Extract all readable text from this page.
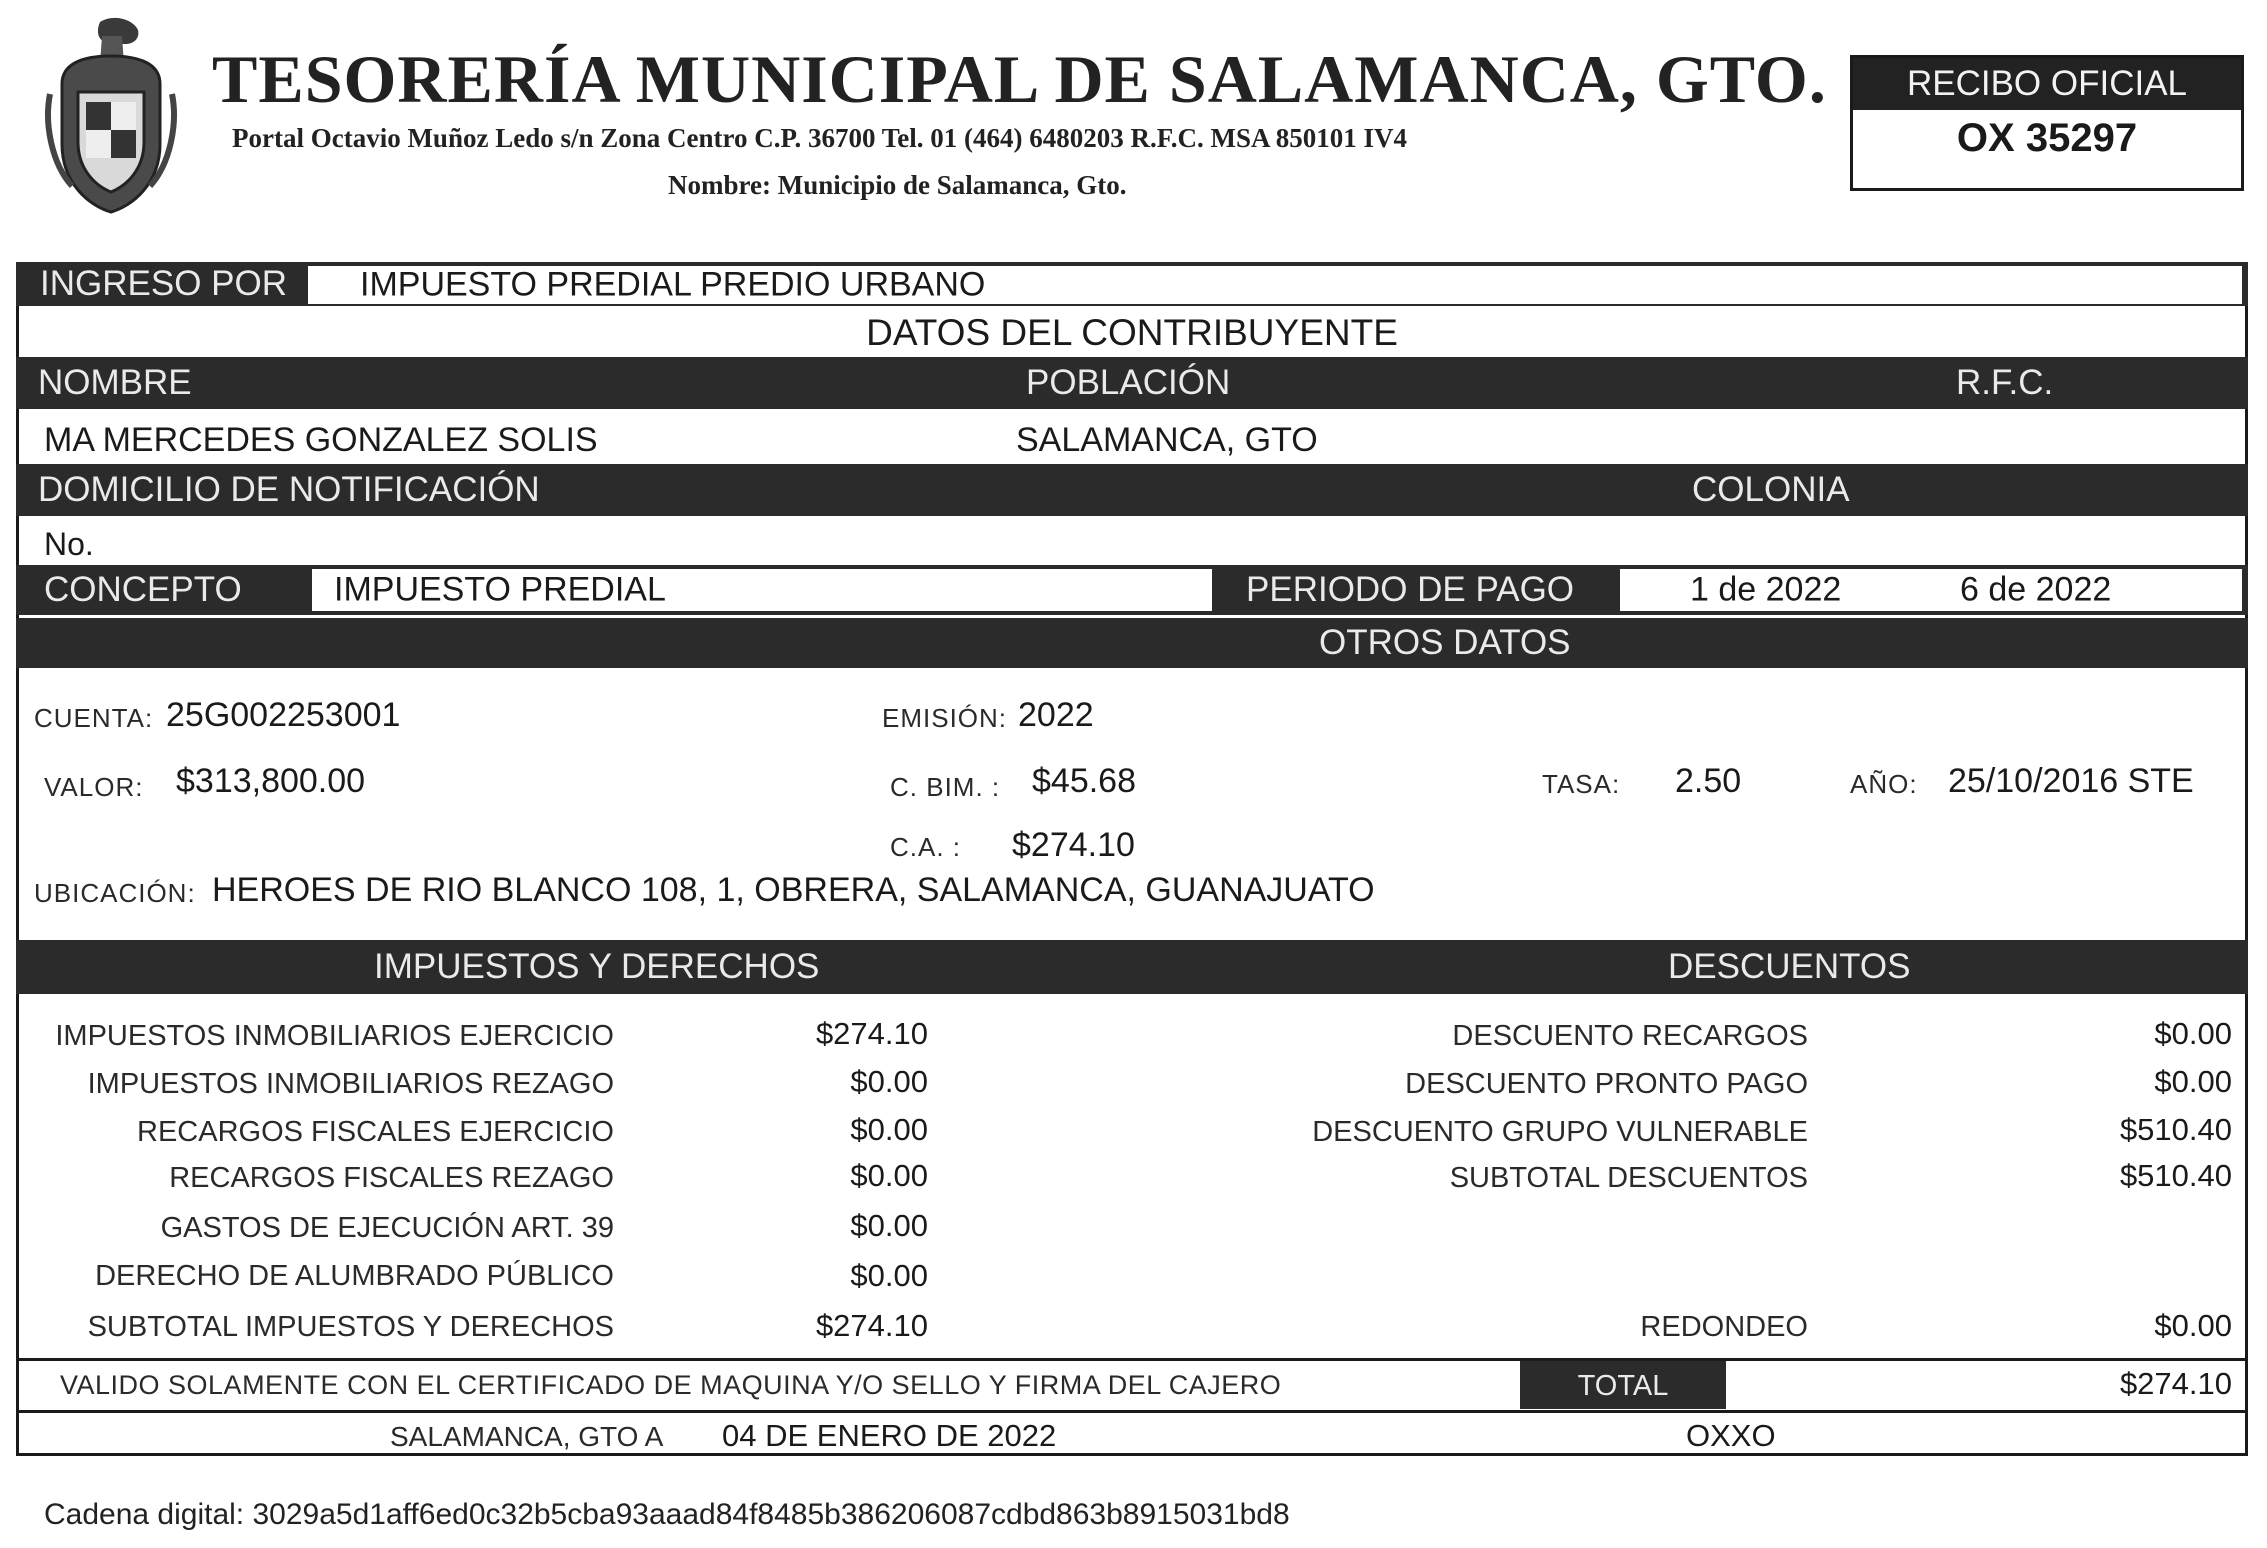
TESORERÍA MUNICIPAL DE SALAMANCA, GTO.
Portal Octavio Muñoz Ledo s/n Zona Centro C.P. 36700 Tel. 01 (464) 6480203 R.F.C. MSA 850101 IV4
Nombre: Municipio de Salamanca, Gto.
RECIBO OFICIAL
OX 35297
INGRESO POR IMPUESTO PREDIAL PREDIO URBANO
DATOS DEL CONTRIBUYENTE
NOMBRE	POBLACIÓN	R.F.C.
MA MERCEDES GONZALEZ SOLIS	SALAMANCA, GTO
DOMICILIO DE NOTIFICACIÓN	COLONIA
No.
CONCEPTO	IMPUESTO PREDIAL	PERIODO DE PAGO	1 de 2022	6 de 2022
OTROS DATOS
CUENTA: 25G002253001	EMISIÓN: 2022
VALOR: $313,800.00	C. BIM. : $45.68	TASA: 2.50	AÑO: 25/10/2016 STE
C.A. : $274.10
UBICACIÓN: HEROES DE RIO BLANCO 108, 1, OBRERA, SALAMANCA, GUANAJUATO
IMPUESTOS Y DERECHOS	DESCUENTOS
IMPUESTOS INMOBILIARIOS EJERCICIO	$274.10
IMPUESTOS INMOBILIARIOS REZAGO	$0.00
RECARGOS FISCALES EJERCICIO	$0.00
RECARGOS FISCALES REZAGO	$0.00
GASTOS DE EJECUCIÓN ART. 39	$0.00
DERECHO DE ALUMBRADO PÚBLICO	$0.00
SUBTOTAL IMPUESTOS Y DERECHOS	$274.10
DESCUENTO RECARGOS	$0.00
DESCUENTO PRONTO PAGO	$0.00
DESCUENTO GRUPO VULNERABLE	$510.40
SUBTOTAL DESCUENTOS	$510.40
REDONDEO	$0.00
VALIDO SOLAMENTE CON EL CERTIFICADO DE MAQUINA Y/O SELLO Y FIRMA DEL CAJERO	TOTAL	$274.10
SALAMANCA, GTO A 04 DE ENERO DE 2022	OXXO
Cadena digital: 3029a5d1aff6ed0c32b5cba93aaad84f8485b386206087cdbd863b8915031bd8
